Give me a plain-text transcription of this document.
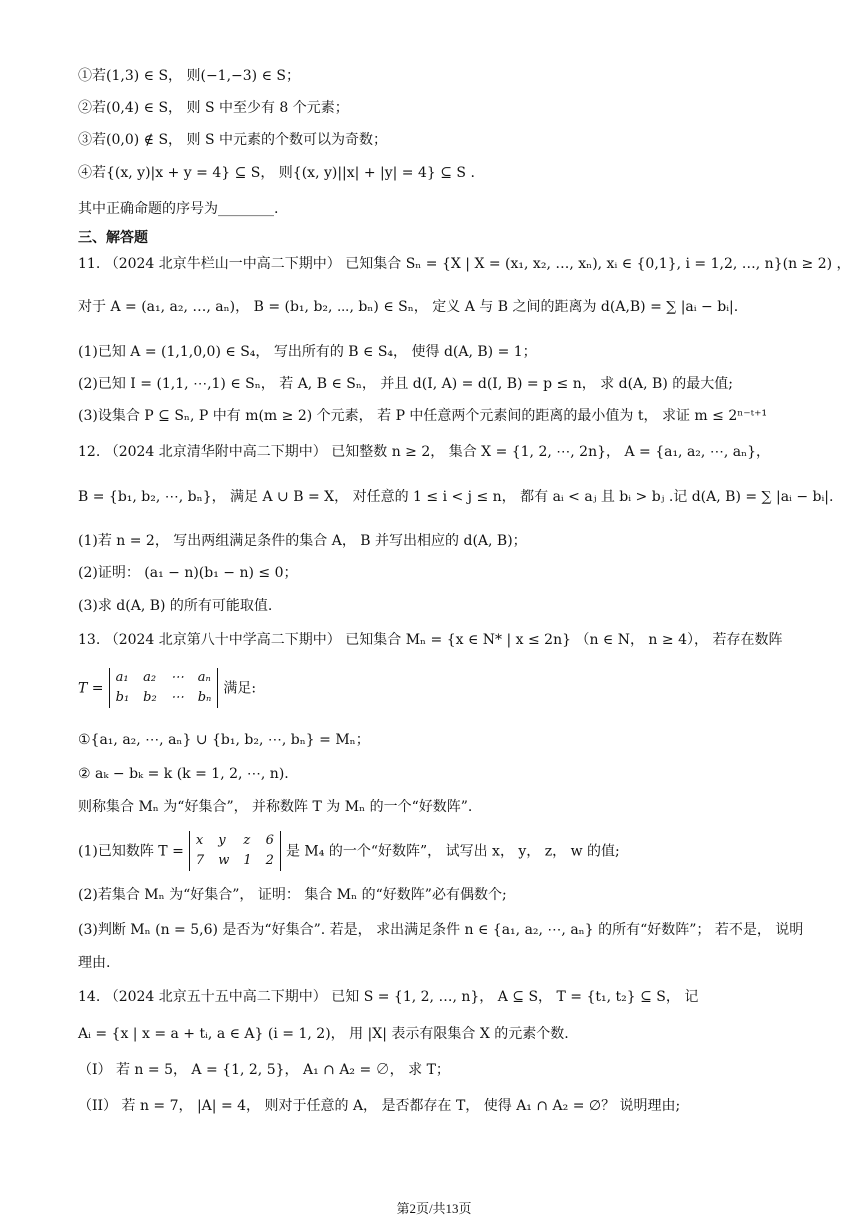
①若(1,3) ∈ S， 则(−1,−3) ∈ S；
②若(0,4) ∈ S， 则 S 中至少有 8 个元素；
③若(0,0) ∉ S， 则 S 中元素的个数可以为奇数；
④若{(x, y)|x + y = 4} ⊆ S， 则{(x, y)||x| + |y| = 4} ⊆ S .
其中正确命题的序号为________.
三、解答题
11. （2024 北京牛栏山一中高二下期中） 已知集合 Sₙ = {X | X = (x₁, x₂, …, xₙ), xᵢ ∈ {0,1}, i = 1,2, …, n}(n ≥ 2) ，
对于 A = (a₁, a₂, …, aₙ)， B = (b₁, b₂, ⋯, bₙ) ∈ Sₙ， 定义 A 与 B 之间的距离为 d(A,B) = ∑ |aᵢ − bᵢ|.
(1)已知 A = (1,1,0,0) ∈ S₄， 写出所有的 B ∈ S₄， 使得 d(A, B) = 1；
(2)已知 I = (1,1, ⋯,1) ∈ Sₙ， 若 A, B ∈ Sₙ， 并且 d(I, A) = d(I, B) = p ≤ n， 求 d(A, B) 的最大值;
(3)设集合 P ⊆ Sₙ, P 中有 m(m ≥ 2) 个元素， 若 P 中任意两个元素间的距离的最小值为 t， 求证 m ≤ 2ⁿ⁻ᵗ⁺¹
12. （2024 北京清华附中高二下期中） 已知整数 n ≥ 2， 集合 X = {1, 2, ⋯, 2n}， A = {a₁, a₂, ⋯, aₙ}，
B = {b₁, b₂, ⋯, bₙ}， 满足 A ∪ B = X， 对任意的 1 ≤ i < j ≤ n， 都有 aᵢ < aⱼ 且 bᵢ > bⱼ .记 d(A, B) = ∑ |aᵢ − bᵢ|.
(1)若 n = 2， 写出两组满足条件的集合 A， B 并写出相应的 d(A, B)；
(2)证明： (a₁ − n)(b₁ − n) ≤ 0；
(3)求 d(A, B) 的所有可能取值.
13. （2024 北京第八十中学高二下期中） 已知集合 Mₙ = {x ∈ N* | x ≤ 2n} （n ∈ N， n ≥ 4）， 若存在数阵
T =
a₁ a₂ ⋯ aₙ
b₁ b₂ ⋯ bₙ
满足:
①{a₁, a₂, ⋯, aₙ} ∪ {b₁, b₂, ⋯, bₙ} = Mₙ；
② aₖ − bₖ = k (k = 1, 2, ⋯, n).
则称集合 Mₙ 为“好集合”， 并称数阵 T 为 Mₙ 的一个“好数阵”.
(1)已知数阵 T =
x y z 6
7 w 1 2
是 M₄ 的一个“好数阵”， 试写出 x， y， z， w 的值;
(2)若集合 Mₙ 为“好集合”， 证明： 集合 Mₙ 的“好数阵”必有偶数个;
(3)判断 Mₙ (n = 5,6) 是否为“好集合”. 若是， 求出满足条件 n ∈ {a₁, a₂, ⋯, aₙ} 的所有“好数阵”； 若不是， 说明
理由.
14. （2024 北京五十五中高二下期中） 已知 S = {1, 2, …, n}， A ⊆ S， T = {t₁, t₂} ⊆ S， 记
Aᵢ = {x | x = a + tᵢ, a ∈ A} (i = 1, 2)， 用 |X| 表示有限集合 X 的元素个数.
（I） 若 n = 5， A = {1, 2, 5}， A₁ ∩ A₂ = ∅， 求 T；
（II） 若 n = 7， |A| = 4， 则对于任意的 A， 是否都存在 T， 使得 A₁ ∩ A₂ = ∅？ 说明理由;
第2页/共13页
